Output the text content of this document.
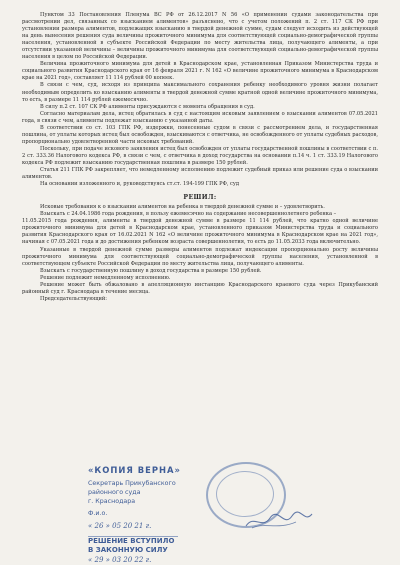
Пунктом 33 Постановления Пленума ВС РФ от 26.12.2017 N 56 «О применении судами законодательства при рассмотрении дел, связанных со взысканием алиментов» разъяснено, что с учетом положений п. 2 ст. 117 СК РФ при установлении размера алиментов, подлежащих взысканию в твердой денежной сумме, судам следует исходить из действующей на день вынесения решения суда величины прожиточного минимума для соответствующей социально-демографической группы населения, установленной в субъекте Российской Федерации по месту жительства лица, получающего алименты, а при отсутствии указанной величины – величины прожиточного минимума для соответствующей социально-демографической группы населения в целом по Российской Федерации.

Величина прожиточного минимума для детей в Краснодарском крае, установленная Приказом Министерства труда и социального развития Краснодарского края от 16 февраля 2021 г. N 162 «О величине прожиточного минимума в Краснодарском крае на 2021 год», составляет 11 114 рублей 00 копеек.

В связи с чем, суд, исходя из принципа максимального сохранения ребенку необходимого уровня жизни полагает необходимым определить ко взысканию алименты в твердой денежной сумме кратной одной величине прожиточного минимума, то есть, в размере 11 114 рублей ежемесячно.

В силу п.2 ст. 107 СК РФ алименты присуждаются с момента обращения в суд.

Согласно материалам дела, истец обратилась в суд с настоящим исковым заявлением о взыскании алиментов 07.05.2021 года, в связи с чем, алименты подлежат взысканию с указанной даты.

В соответствии со ст. 103 ГПК РФ, издержки, понесенные судом в связи с рассмотрением дела, и государственная пошлина, от уплаты которых истец был освобожден, взыскиваются с ответчика, не освобожденного от уплаты судебных расходов, пропорционально удовлетворенной части исковых требований.

Поскольку, при подаче искового заявления истец был освобожден от уплаты государственной пошлины в соответствии с п. 2 ст. 333.36 Налогового кодекса РФ, в связи с чем, с ответчика в доход государства на основании п.14 ч. 1 ст. 333.19 Налогового кодекса РФ подлежит взысканию государственная пошлина в размере 150 рублей.

Статья 211 ГПК РФ закрепляет, что немедленному исполнению подлежит судебный приказ или решение суда о взыскании алиментов.

На основании изложенного и, руководствуясь ст.ст. 194-199 ГПК РФ, суд

РЕШИЛ:

Исковые требования к о взыскании алиментов на ребенка в твердой денежной сумме и – удовлетворить.

Взыскать с 24.04.1986 года рождения, в пользу ежемесячно на содержание несовершеннолетнего ребенка –

11.05.2015 года рождения, алименты в твердой денежной сумме в размере 11 114 рублей, что кратно одной величине прожиточного минимума для детей в Краснодарском крае, установленного приказом Министерства труда и социального развития Краснодарского края от 16.02.2021 N 162 «О величине прожиточного минимума в Краснодарском крае на 2021 год», начиная с 07.05.2021 года и до достижения ребенком возраста совершеннолетия, то есть до 11.05.2033 года включительно.

Указанные в твердой денежной сумме размеры алиментов подлежат индексации пропорционально росту величины прожиточного минимума для соответствующей социально-демографической группы населения, установленной в соответствующем субъекте Российской Федерации по месту жительства лица, получающего алименты.

Взыскать с государственную пошлину в доход государства в размере 150 рублей.

Решение подлежит немедленному исполнению.

Решение может быть обжаловано в апелляционную инстанцию Краснодарского краевого суда через Прикубанский районный суд г. Краснодара в течение месяца.

Председательствующий:

«КОПИЯ ВЕРНА»
Секретарь Прикубанского
районного суда
г. Краснодара
Ф.и.о.
« 26 » 05 20 21 г.
РЕШЕНИЕ ВСТУПИЛО
В ЗАКОННУЮ СИЛУ
« 29 » 03 20 22 г.
